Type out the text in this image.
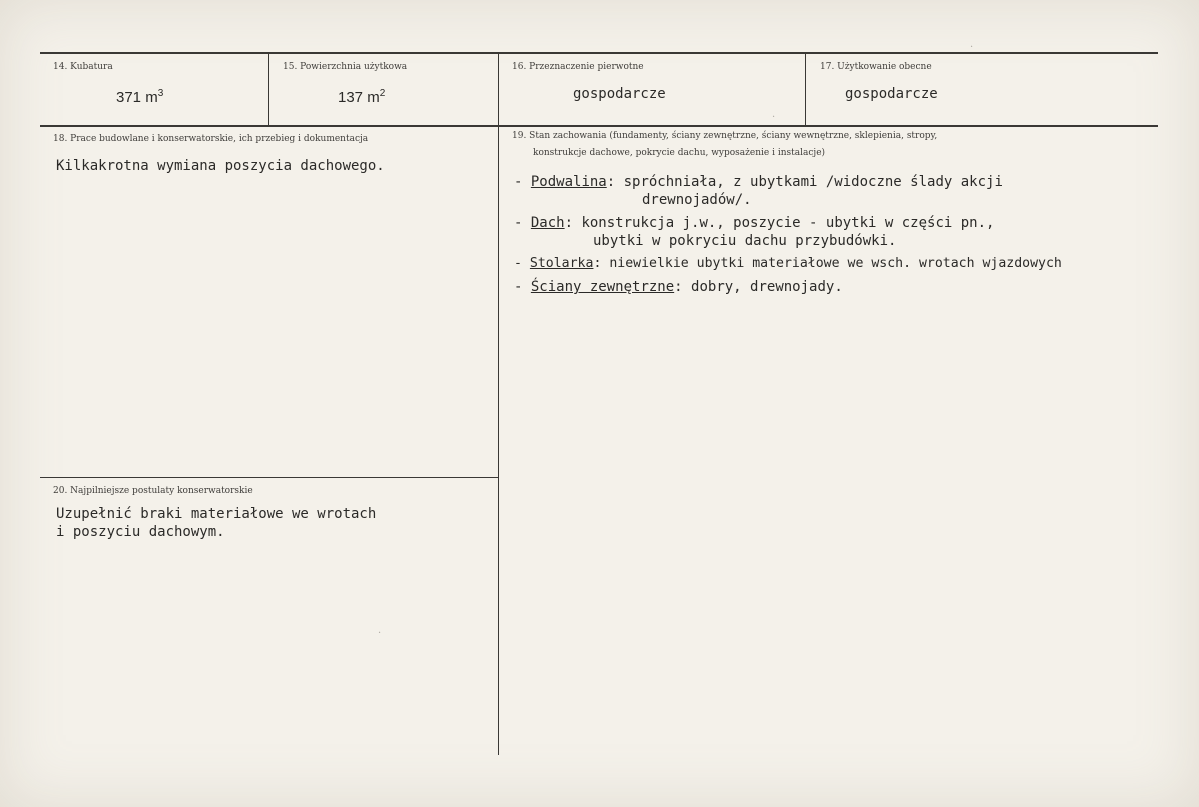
14. Kubatura
371 $m^3$
15. Powierzchnia użytkowa
137 $m^2$
16. Przeznaczenie pierwotne
gospodarcze
17. Użytkowanie obecne
gospodarcze
18. Prace budowlane i konserwatorskie, ich przebieg i dokumentacja
Kilkakrotna wymiana poszycia dachowego.
19. Stan zachowania (fundamenty, ściany zewnętrzne, ściany wewnętrzne, sklepienia, stropy,
konstrukcje dachowe, pokrycie dachu, wyposażenie i instalacje)
- Podwalina: spróchniała, z ubytkami /widoczne ślady akcji
drewnojadów/.
- Dach: konstrukcja j.w., poszycie - ubytki w części pn.,
ubytki w pokryciu dachu przybudówki.
- Stolarka: niewielkie ubytki materiałowe we wsch. wrotach wjazdowych
- Ściany zewnętrzne: dobry, drewnojady.
20. Najpilniejsze postulaty konserwatorskie
Uzupełnić braki materiałowe we wrotach
i poszyciu dachowym.
·
·
·
